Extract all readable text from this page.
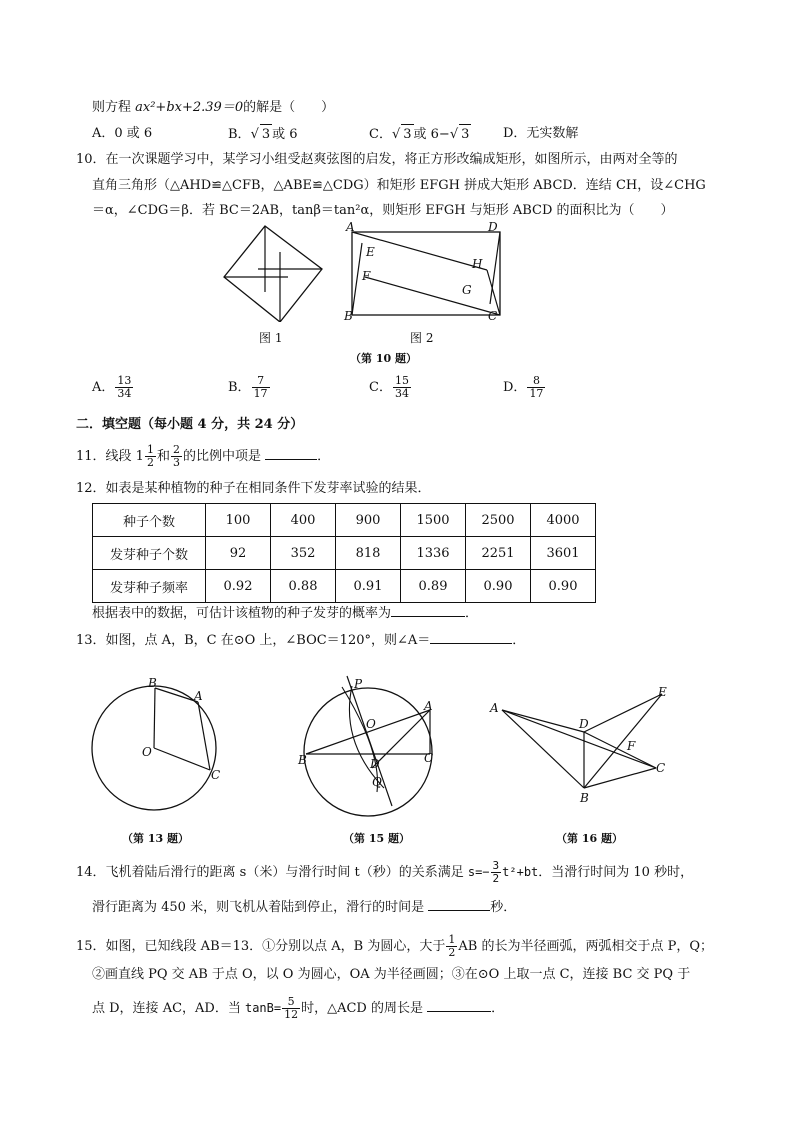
则方程 ax²+bx+2.39＝0的解是（　　）
A．0 或 6	B．√ 3 或 6	C．√ 3 或 6−√ 3	D．无实数解
10．在一次课题学习中，某学习小组受赵爽弦图的启发，将正方形改编成矩形，如图所示，由两对全等的
直角三角形（△AHD≌△CFB，△ABE≌△CDG）和矩形 EFGH 拼成大矩形 ABCD．连结 CH，设∠CHG
＝α，∠CDG＝β．若 BC＝2AB，tanβ＝tan²α，则矩形 EFGH 与矩形 ABCD 的面积比为（　　）
A	D
E
H
F
G
B	C
图 1	图 2
（第 10 题）
A． $\frac{13}{34}$	B． $\frac{7}{17}$	C． $\frac{15}{34}$	D． $\frac{8}{17}$
二．填空题（每小题 4 分，共 24 分）
11．线段 $1 \frac{1}{2}$ 和 $\frac{2}{3}$ 的比例中项是	．
12．如表是某种植物的种子在相同条件下发芽率试验的结果．
种子个数	100	400	900	1500	2500	4000
发芽种子个数	92	352	818	1336	2251	3601
发芽种子频率	0.92	0.88	0.91	0.89	0.90	0.90
根据表中的数据，可估计该植物的种子发芽的概率为	．
13．如图，点 A，B，C 在⊙O 上，∠BOC＝120°，则∠A＝	．
B
A
O
C
P
A
O
B	D	C
Q
E
A
D
F
C
B
（第 13 题）	（第 15 题）	（第 16 题）
14．飞机着陆后滑行的距离 s（米）与滑行时间 t（秒）的关系满足 $s=- \frac{3}{2} t^2+bt$．当滑行时间为 10 秒时，
滑行距离为 450 米，则飞机从着陆到停止，滑行的时间是	秒．
15．如图，已知线段 AB＝13．①分别以点 A，B 为圆心，大于 $\frac{1}{2}$ AB 的长为半径画弧，两弧相交于点 P，Q；
②画直线 PQ 交 AB 于点 O，以 O 为圆心，OA 为半径画圆；③在⊙O 上取一点 C，连接 BC 交 PQ 于
点 D，连接 AC，AD．当 $\tan B= \frac{5}{12}$ 时，△ACD 的周长是	．
